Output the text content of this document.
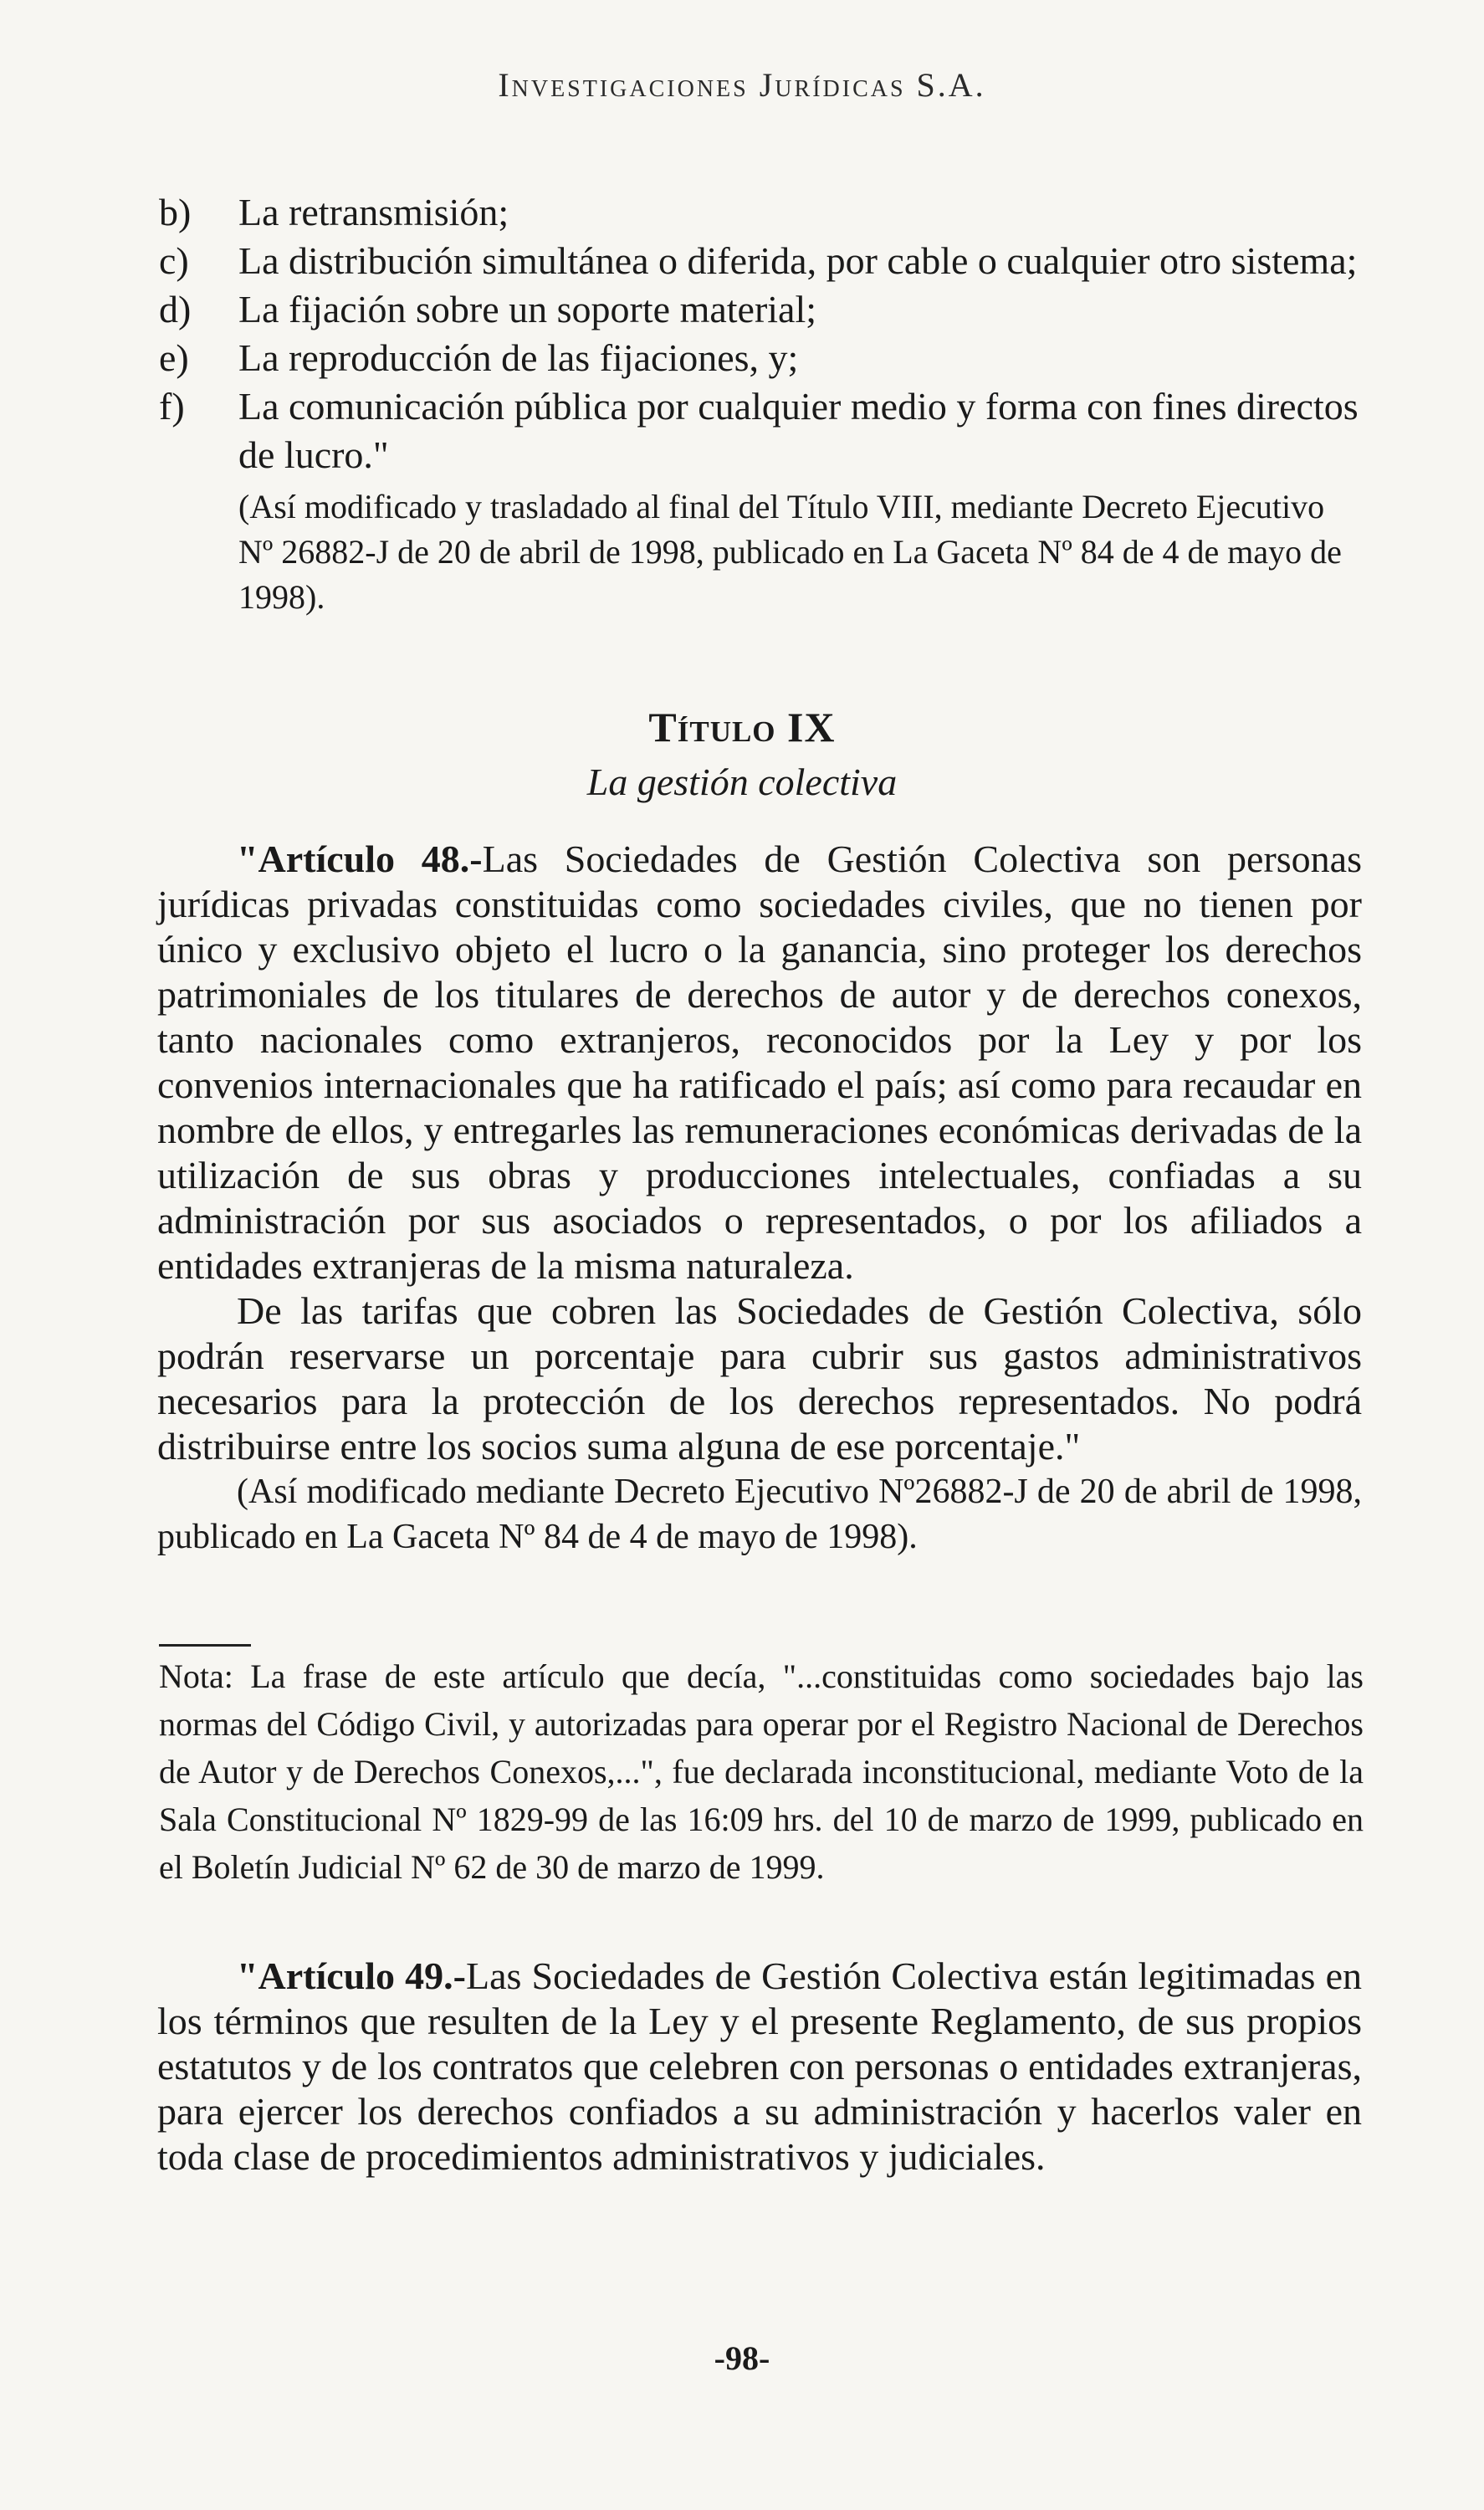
Investigaciones Jurídicas S.A.
b) La retransmisión;
c) La distribución simultánea o diferida, por cable o cualquier otro sistema;
d) La fijación sobre un soporte material;
e) La reproducción de las fijaciones, y;
f) La comunicación pública por cualquier medio y forma con fines directos de lucro."
(Así modificado y trasladado al final del Título VIII, mediante Decreto Ejecutivo Nº 26882-J de 20 de abril de 1998, publicado en La Gaceta Nº 84 de 4 de mayo de 1998).
Título IX
La gestión colectiva

"Artículo 48.-Las Sociedades de Gestión Colectiva son personas jurídicas privadas constituidas como sociedades civiles, que no tienen por único y exclusivo objeto el lucro o la ganancia, sino proteger los derechos patrimoniales de los titulares de derechos de autor y de derechos conexos, tanto nacionales como extranjeros, reconocidos por la Ley y por los convenios internacionales que ha ratificado el país; así como para recaudar en nombre de ellos, y entregarles las remuneraciones económicas derivadas de la utilización de sus obras y producciones intelectuales, confiadas a su administración por sus asociados o representados, o por los afiliados a entidades extranjeras de la misma naturaleza.

De las tarifas que cobren las Sociedades de Gestión Colectiva, sólo podrán reservarse un porcentaje para cubrir sus gastos administrativos necesarios para la protección de los derechos representados. No podrá distribuirse entre los socios suma alguna de ese porcentaje."

(Así modificado mediante Decreto Ejecutivo Nº26882-J de 20 de abril de 1998, publicado en La Gaceta Nº 84 de 4 de mayo de 1998).

Nota: La frase de este artículo que decía, "...constituidas como sociedades bajo las normas del Código Civil, y autorizadas para operar por el Registro Nacional de Derechos de Autor y de Derechos Conexos,...", fue declarada inconstitucional, mediante Voto de la Sala Constitucional Nº 1829-99 de las 16:09 hrs. del 10 de marzo de 1999, publicado en el Boletín Judicial Nº 62 de 30 de marzo de 1999.

"Artículo 49.-Las Sociedades de Gestión Colectiva están legitimadas en los términos que resulten de la Ley y el presente Reglamento, de sus propios estatutos y de los contratos que celebren con personas o entidades extranjeras, para ejercer los derechos confiados a su administración y hacerlos valer en toda clase de procedimientos administrativos y judiciales.

-98-
